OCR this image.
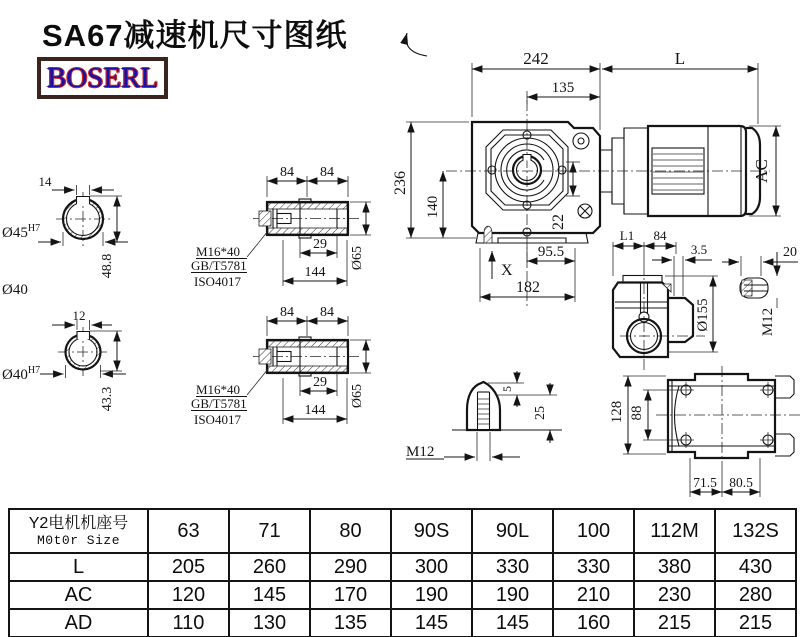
SA67减速机尺寸图纸
BOSERL
242	L
135
236
140
22
95.5
X
182
AC
L1 84
3.5
Ø155
20
M12
128 88
71.5 80.5
5
25
M12
14
$Ø45^{H7}$
48.8
Ø40
12
$Ø40^{H7}$
43.3
84 84
29
144
Ø65
M16*40
GB/T5781
ISO4017
84 84
29
144
Ø65
M16*40
GB/T5781
ISO4017
Y2电机机座号
M0t0r Size	63	71	80	90S	90L	100	112M	132S
L	205	260	290	300	330	330	380	430
AC	120	145	170	190	190	210	230	280
AD	110	130	135	145	145	160	215	215
